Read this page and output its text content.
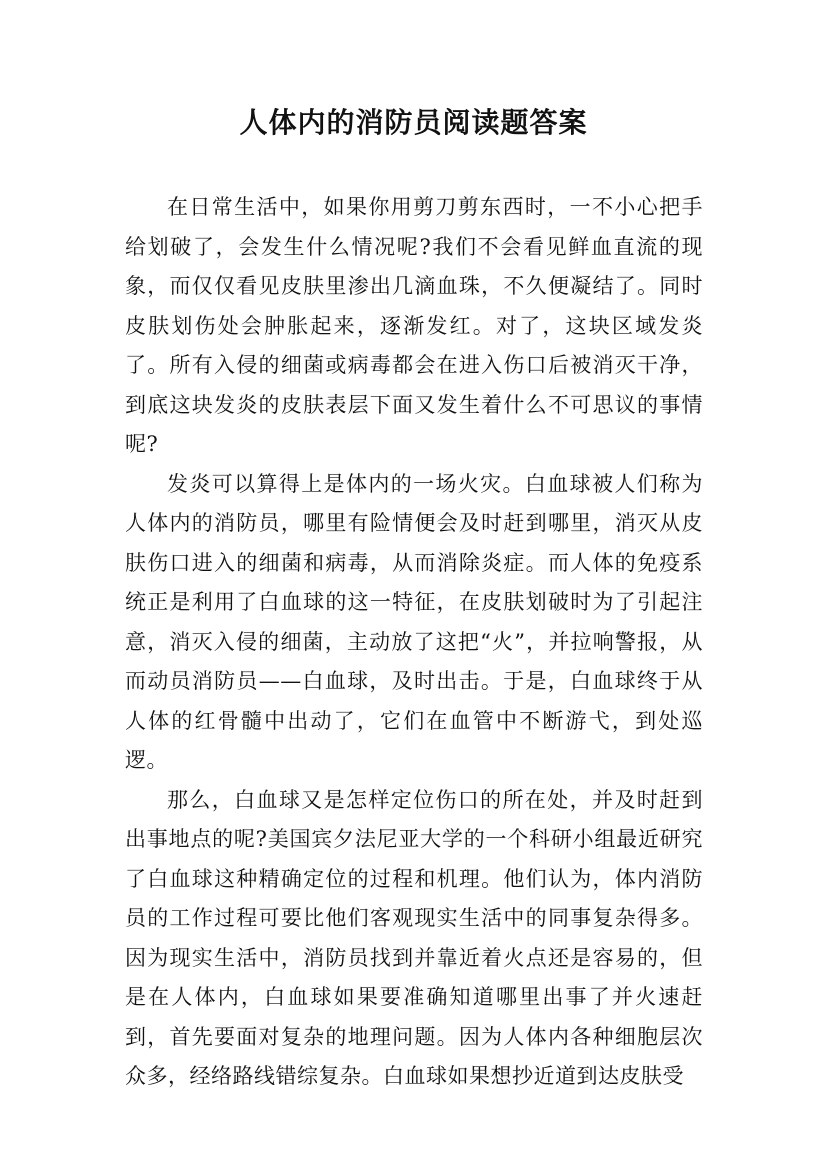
人体内的消防员阅读题答案

在日常生活中，如果你用剪刀剪东西时，一不小心把手给划破了，会发生什么情况呢?我们不会看见鲜血直流的现象，而仅仅看见皮肤里渗出几滴血珠，不久便凝结了。同时皮肤划伤处会肿胀起来，逐渐发红。对了，这块区域发炎了。所有入侵的细菌或病毒都会在进入伤口后被消灭干净，到底这块发炎的皮肤表层下面又发生着什么不可思议的事情呢?

发炎可以算得上是体内的一场火灾。白血球被人们称为人体内的消防员，哪里有险情便会及时赶到哪里，消灭从皮肤伤口进入的细菌和病毒，从而消除炎症。而人体的免疫系统正是利用了白血球的这一特征，在皮肤划破时为了引起注意，消灭入侵的细菌，主动放了这把“火”，并拉响警报，从而动员消防员——白血球，及时出击。于是，白血球终于从人体的红骨髓中出动了，它们在血管中不断游弋，到处巡逻。

那么，白血球又是怎样定位伤口的所在处，并及时赶到出事地点的呢?美国宾夕法尼亚大学的一个科研小组最近研究了白血球这种精确定位的过程和机理。他们认为，体内消防员的工作过程可要比他们客观现实生活中的同事复杂得多。因为现实生活中，消防员找到并靠近着火点还是容易的，但是在人体内，白血球如果要准确知道哪里出事了并火速赶到，首先要面对复杂的地理问题。因为人体内各种细胞层次众多，经络路线错综复杂。白血球如果想抄近道到达皮肤受
